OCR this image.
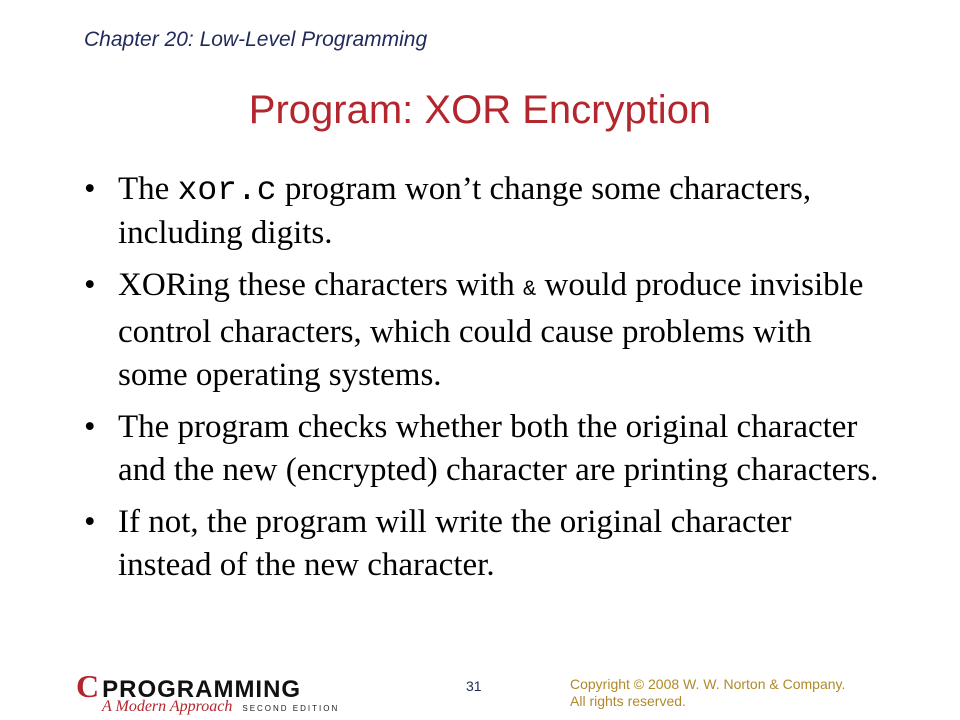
Chapter 20: Low-Level Programming
Program: XOR Encryption
• The xor.c program won’t change some characters, including digits.
• XORing these characters with & would produce invisible control characters, which could cause problems with some operating systems.
• The program checks whether both the original character and the new (encrypted) character are printing characters.
• If not, the program will write the original character instead of the new character.
CPROGRAMMING
A Modern Approach SECOND EDITION
31	Copyright © 2008 W. W. Norton & Company.
All rights reserved.
